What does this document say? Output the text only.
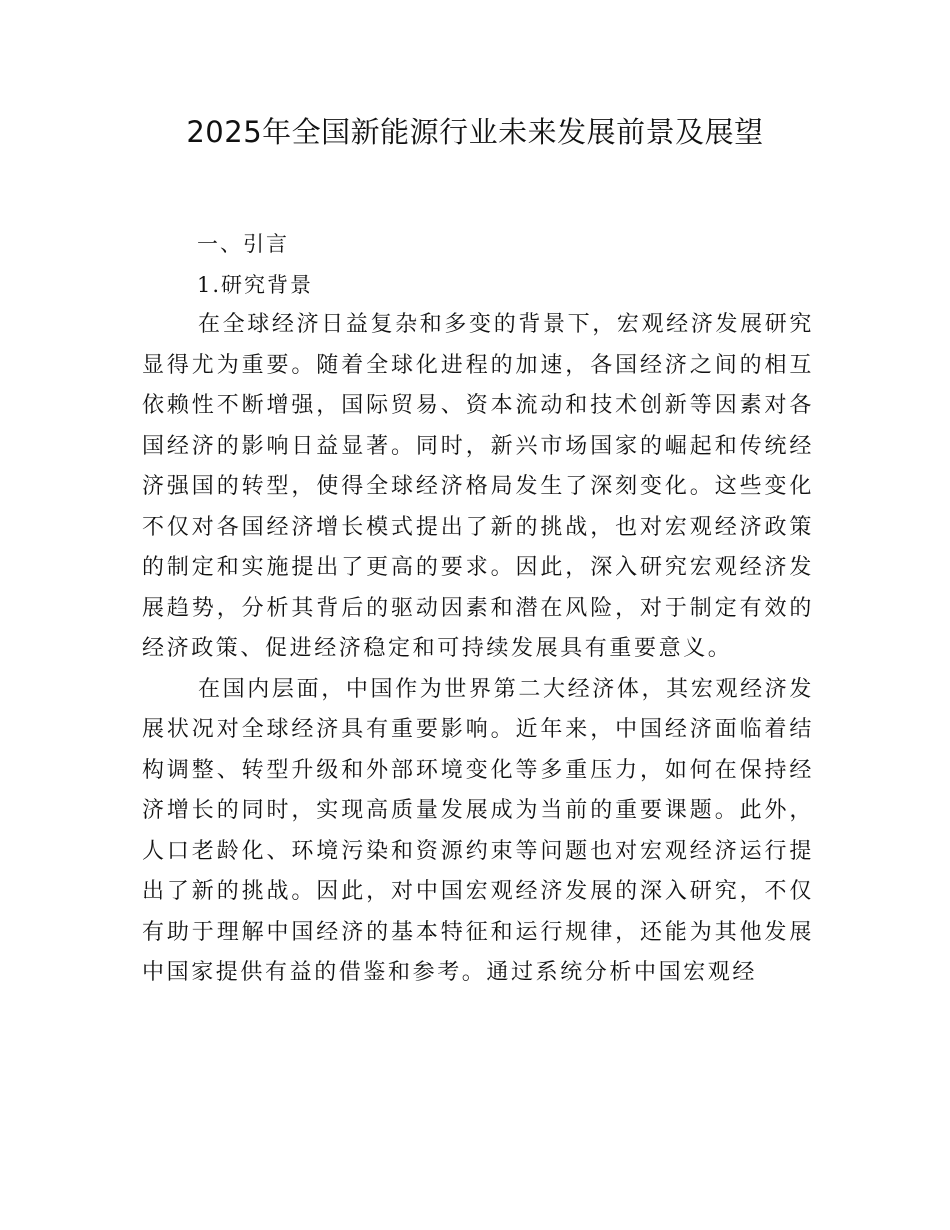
2025年全国新能源行业未来发展前景及展望
一、引言
1.研究背景

在全球经济日益复杂和多变的背景下，宏观经济发展研究显得尤为重要。随着全球化进程的加速，各国经济之间的相互依赖性不断增强，国际贸易、资本流动和技术创新等因素对各国经济的影响日益显著。同时，新兴市场国家的崛起和传统经济强国的转型，使得全球经济格局发生了深刻变化。这些变化不仅对各国经济增长模式提出了新的挑战，也对宏观经济政策的制定和实施提出了更高的要求。因此，深入研究宏观经济发展趋势，分析其背后的驱动因素和潜在风险，对于制定有效的经济政策、促进经济稳定和可持续发展具有重要意义。

在国内层面，中国作为世界第二大经济体，其宏观经济发展状况对全球经济具有重要影响。近年来，中国经济面临着结构调整、转型升级和外部环境变化等多重压力，如何在保持经济增长的同时，实现高质量发展成为当前的重要课题。此外，人口老龄化、环境污染和资源约束等问题也对宏观经济运行提出了新的挑战。因此，对中国宏观经济发展的深入研究，不仅有助于理解中国经济的基本特征和运行规律，还能为其他发展中国家提供有益的借鉴和参考。通过系统分析中国宏观经
